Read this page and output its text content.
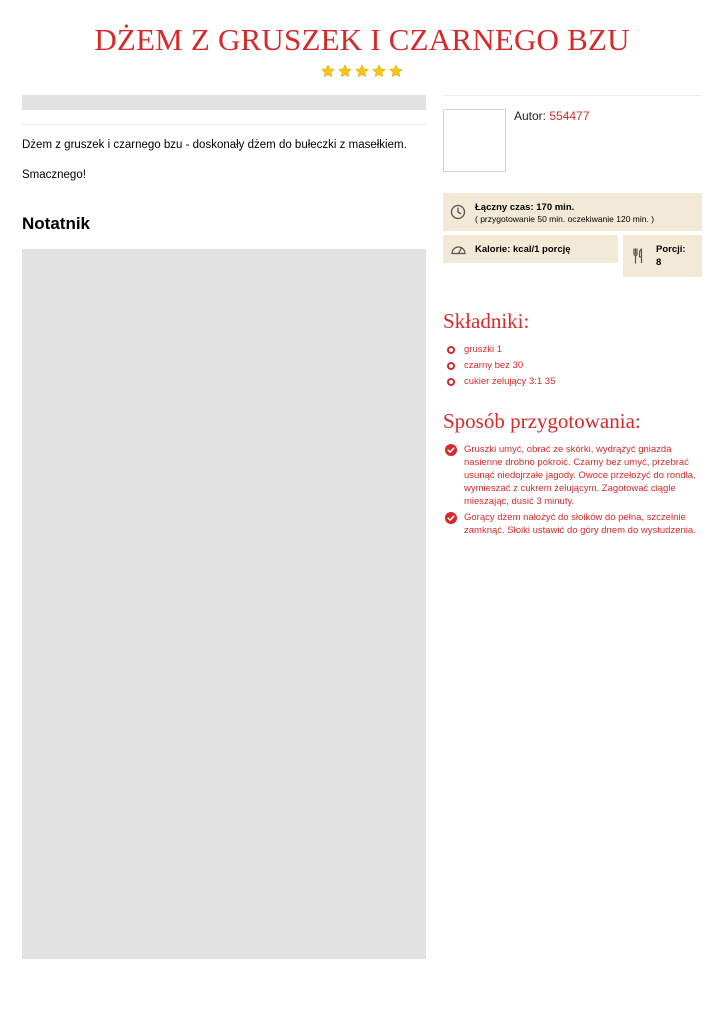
DŻEM Z GRUSZEK I CZARNEGO BZU

Dżem z gruszek i czarnego bzu - doskonały dżem do bułeczki z masełkiem.

Smacznego!

Notatnik
Autor: 554477
Łączny czas: 170 min.
( przygotowanie 50 min. oczekiwanie 120 min. )
Kalorie: kcal/1 porcję	Porcji:
8
Składniki:
gruszki 1
czarny bez 30
cukier żelujący 3:1 35
Sposób przygotowania:
Gruszki umyć, obrać ze skórki, wydrążyć gniazda nasienne drobno pokroić. Czarny bez umyć, przebrać usunąć niedojrzałe jagody. Owoce przełożyć do rondla, wymieszać z cukrem żelującym. Zagotować ciągle mieszając, dusić 3 minuty.
Gorący dżem nałożyć do słoików do pełna, szczelnie zamknąć. Słoiki ustawić do góry dnem do wystudzenia.
